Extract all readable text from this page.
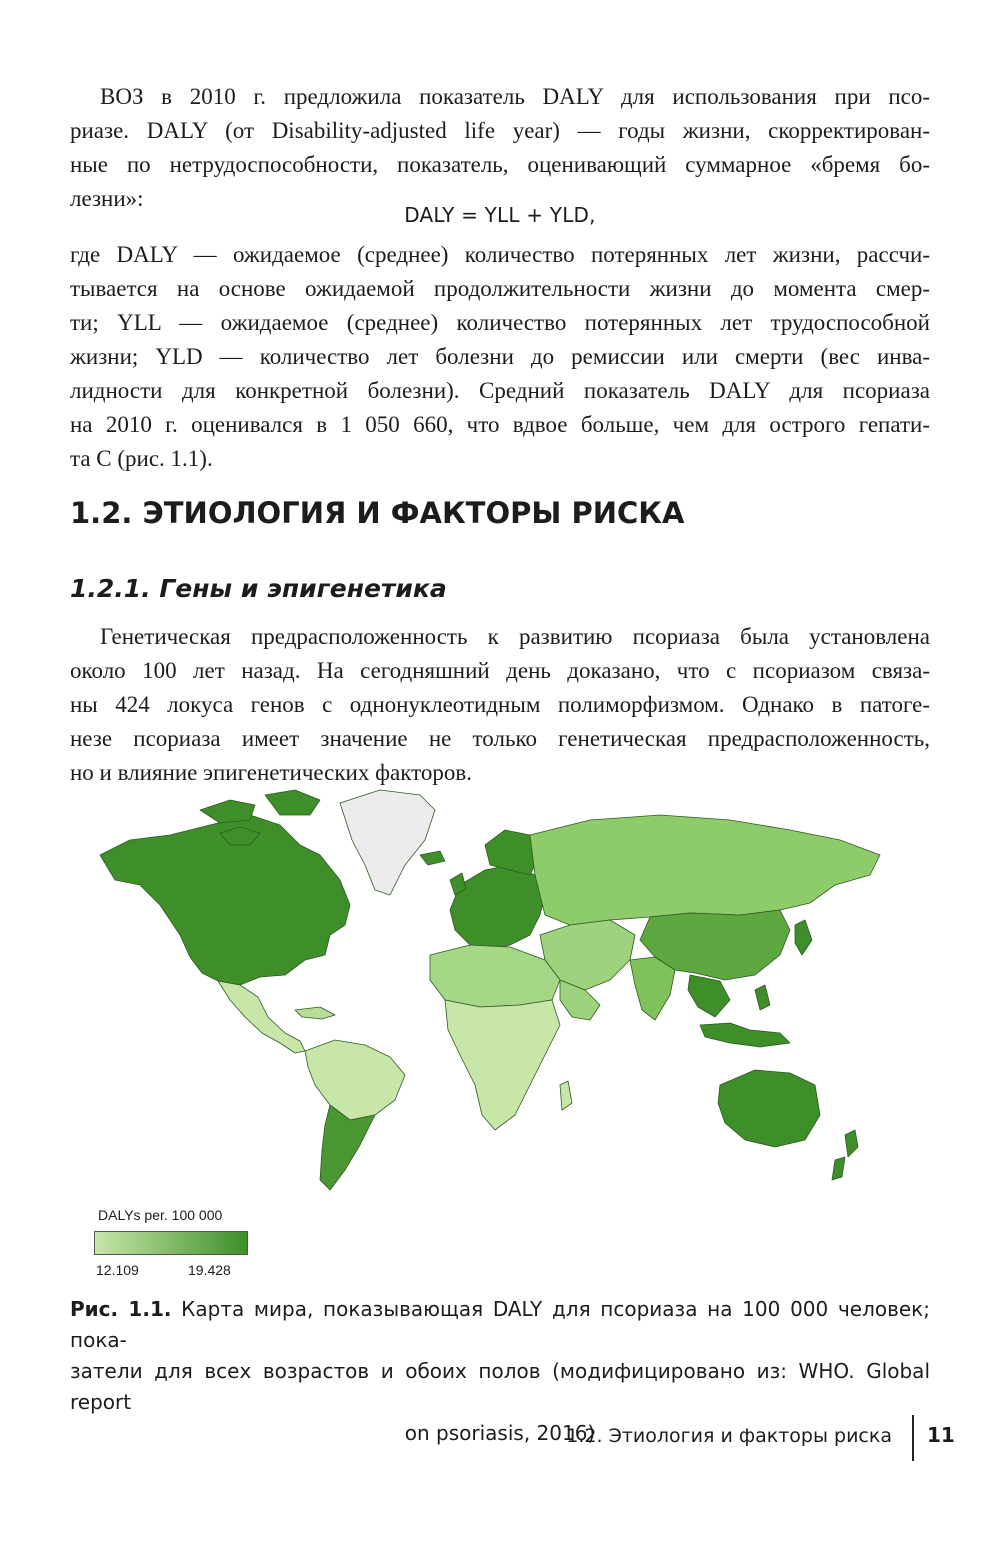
ВОЗ в 2010 г. предложила показатель DALY для использования при псо-
риазе. DALY (от Disability-adjusted life year) — годы жизни, скорректирован-
ные по нетрудоспособности, показатель, оценивающий суммарное «бремя бо-
лезни»:

DALY = YLL + YLD,

где DALY — ожидаемое (среднее) количество потерянных лет жизни, рассчи-
тывается на основе ожидаемой продолжительности жизни до момента смер-
ти; YLL — ожидаемое (среднее) количество потерянных лет трудоспособной
жизни; YLD — количество лет болезни до ремиссии или смерти (вес инва-
лидности для конкретной болезни). Средний показатель DALY для псориаза
на 2010 г. оценивался в 1 050 660, что вдвое больше, чем для острого гепати-
та С (рис. 1.1).

1.2. ЭТИОЛОГИЯ И ФАКТОРЫ РИСКА
1.2.1. Гены и эпигенетика

Генетическая предрасположенность к развитию псориаза была установлена
около 100 лет назад. На сегодняшний день доказано, что с псориазом связа-
ны 424 локуса генов с однонуклеотидным полиморфизмом. Однако в патоге-
незе псориаза имеет значение не только генетическая предрасположенность,
но и влияние эпигенетических факторов.

DALYs per. 100 000
12.109	19.428

Рис. 1.1. Карта мира, показывающая DALY для псориаза на 100 000 человек; пока-
затели для всех возрастов и обоих полов (модифицировано из: WHO. Global report
on psoriasis, 2016)

1.2. Этиология и факторы риска 11
